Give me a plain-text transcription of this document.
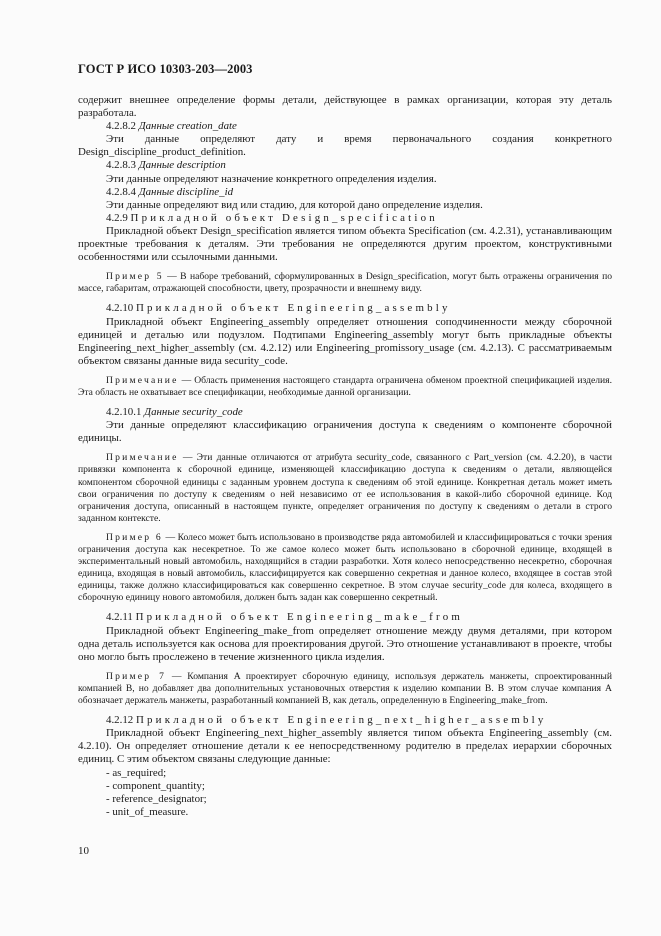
ГОСТ Р ИСО 10303-203—2003

содержит внешнее определение формы детали, действующее в рамках организации, которая эту деталь разработала.

4.2.8.2 Данные creation_date

Эти данные определяют дату и время первоначального создания конкретного Design_discipline_product_definition.

4.2.8.3 Данные description

Эти данные определяют назначение конкретного определения изделия.

4.2.8.4 Данные discipline_id

Эти данные определяют вид или стадию, для которой дано определение изделия.

4.2.9 Прикладной объект Design_specification

Прикладной объект Design_specification является типом объекта Specification (см. 4.2.31), устанавливающим проектные требования к деталям. Эти требования не определяются другим проектом, конструктивными особенностями или ссылочными данными.

Пример 5 — В наборе требований, сформулированных в Design_specification, могут быть отражены ограничения по массе, габаритам, отражающей способности, цвету, прозрачности и внешнему виду.

4.2.10 Прикладной объект Engineering_assembly

Прикладной объект Engineering_assembly определяет отношения соподчиненности между сборочной единицей и деталью или подузлом. Подтипами Engineering_assembly могут быть прикладные объекты Engineering_next_higher_assembly (см. 4.2.12) или Engineering_promissory_usage (см. 4.2.13). С рассматриваемым объектом связаны данные вида security_code.

Примечание — Область применения настоящего стандарта ограничена обменом проектной спецификацией изделия. Эта область не охватывает все спецификации, необходимые данной организации.

4.2.10.1 Данные security_code

Эти данные определяют классификацию ограничения доступа к сведениям о компоненте сборочной единицы.

Примечание — Эти данные отличаются от атрибута security_code, связанного с Part_version (см. 4.2.20), в части привязки компонента к сборочной единице, изменяющей классификацию доступа к сведениям о детали, являющейся компонентом сборочной единицы с заданным уровнем доступа к сведениям об этой единице. Конкретная деталь может иметь свои ограничения по доступу к сведениям о ней независимо от ее использования в какой-либо сборочной единице. Код ограничения доступа, описанный в настоящем пункте, определяет ограничения по доступу к сведениям о детали в строго заданном контексте.

Пример 6 — Колесо может быть использовано в производстве ряда автомобилей и классифицироваться с точки зрения ограничения доступа как несекретное. То же самое колесо может быть использовано в сборочной единице, входящей в экспериментальный новый автомобиль, находящийся в стадии разработки. Хотя колесо непосредственно несекретно, сборочная единица, входящая в новый автомобиль, классифицируется как совершенно секретная и данное колесо, входящее в состав этой единицы, также должно классифицироваться как совершенно секретное. В этом случае security_code для колеса, входящего в сборочную единицу нового автомобиля, должен быть задан как совершенно секретный.

4.2.11 Прикладной объект Engineering_make_from

Прикладной объект Engineering_make_from определяет отношение между двумя деталями, при котором одна деталь используется как основа для проектирования другой. Это отношение устанавливают в проекте, чтобы оно могло быть прослежено в течение жизненного цикла изделия.

Пример 7 — Компания A проектирует сборочную единицу, используя держатель манжеты, спроектированный компанией B, но добавляет два дополнительных установочных отверстия к изделию компании B. В этом случае компания A обозначает держатель манжеты, разработанный компанией B, как деталь, определенную в Engineering_make_from.

4.2.12 Прикладной объект Engineering_next_higher_assembly

Прикладной объект Engineering_next_higher_assembly является типом объекта Engineering_assembly (см. 4.2.10). Он определяет отношение детали к ее непосредственному родителю в пределах иерархии сборочных единиц. С этим объектом связаны следующие данные:

- as_required;

- component_quantity;

- reference_designator;

- unit_of_measure.

10
